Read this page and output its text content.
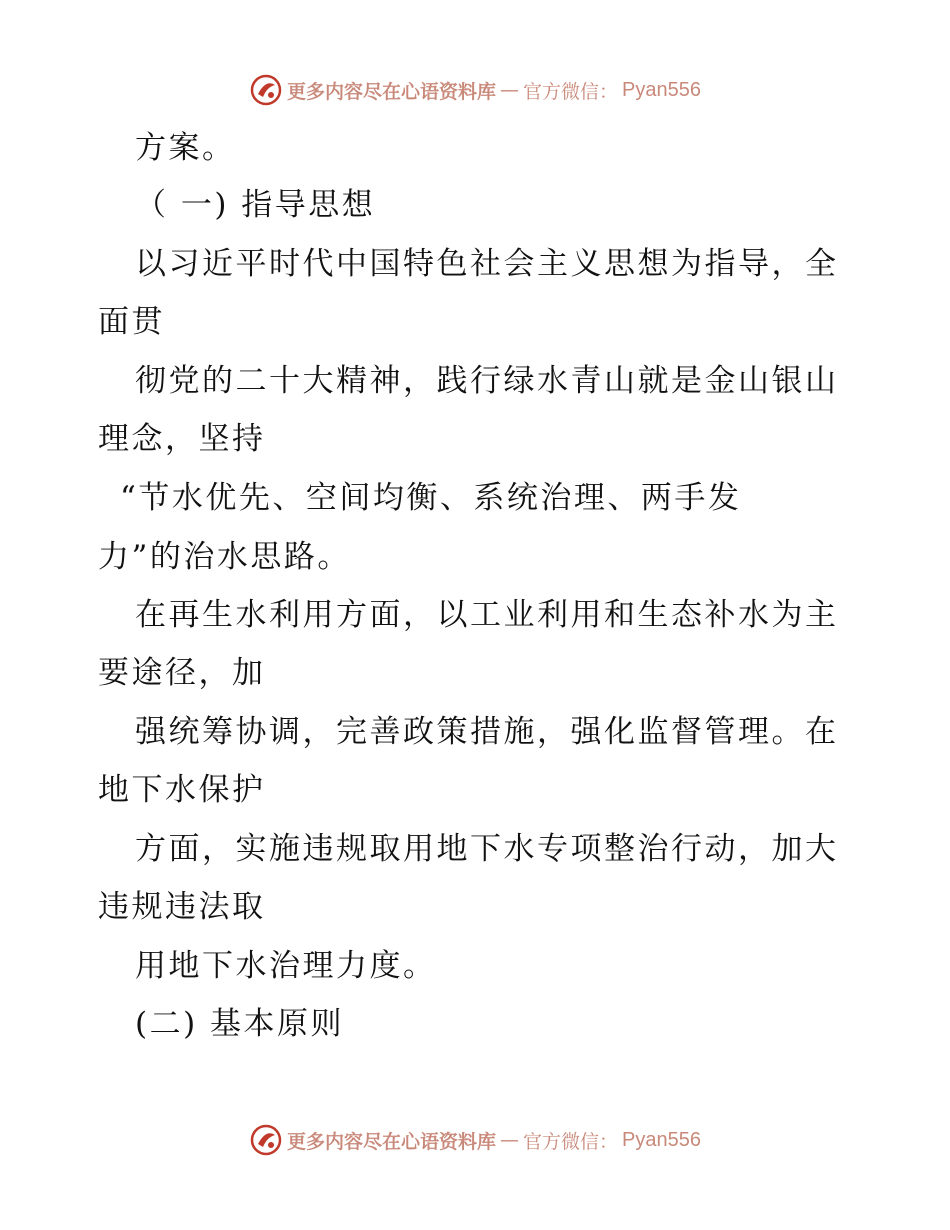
更多内容尽在心语资料库 — 官方微信： Pyan556
方案。
（ 一) 指导思想
以习近平时代中国特色社会主义思想为指导，全
面贯
彻党的二十大精神，践行绿水青山就是金山银山
理念，坚持
“节水优先、空间均衡、系统治理、两手发
力”的治水思路。
在再生水利用方面，以工业利用和生态补水为主
要途径，加
强统筹协调，完善政策措施，强化监督管理。在
地下水保护
方面，实施违规取用地下水专项整治行动，加大
违规违法取
用地下水治理力度。
(二) 基本原则
更多内容尽在心语资料库 — 官方微信： Pyan556
